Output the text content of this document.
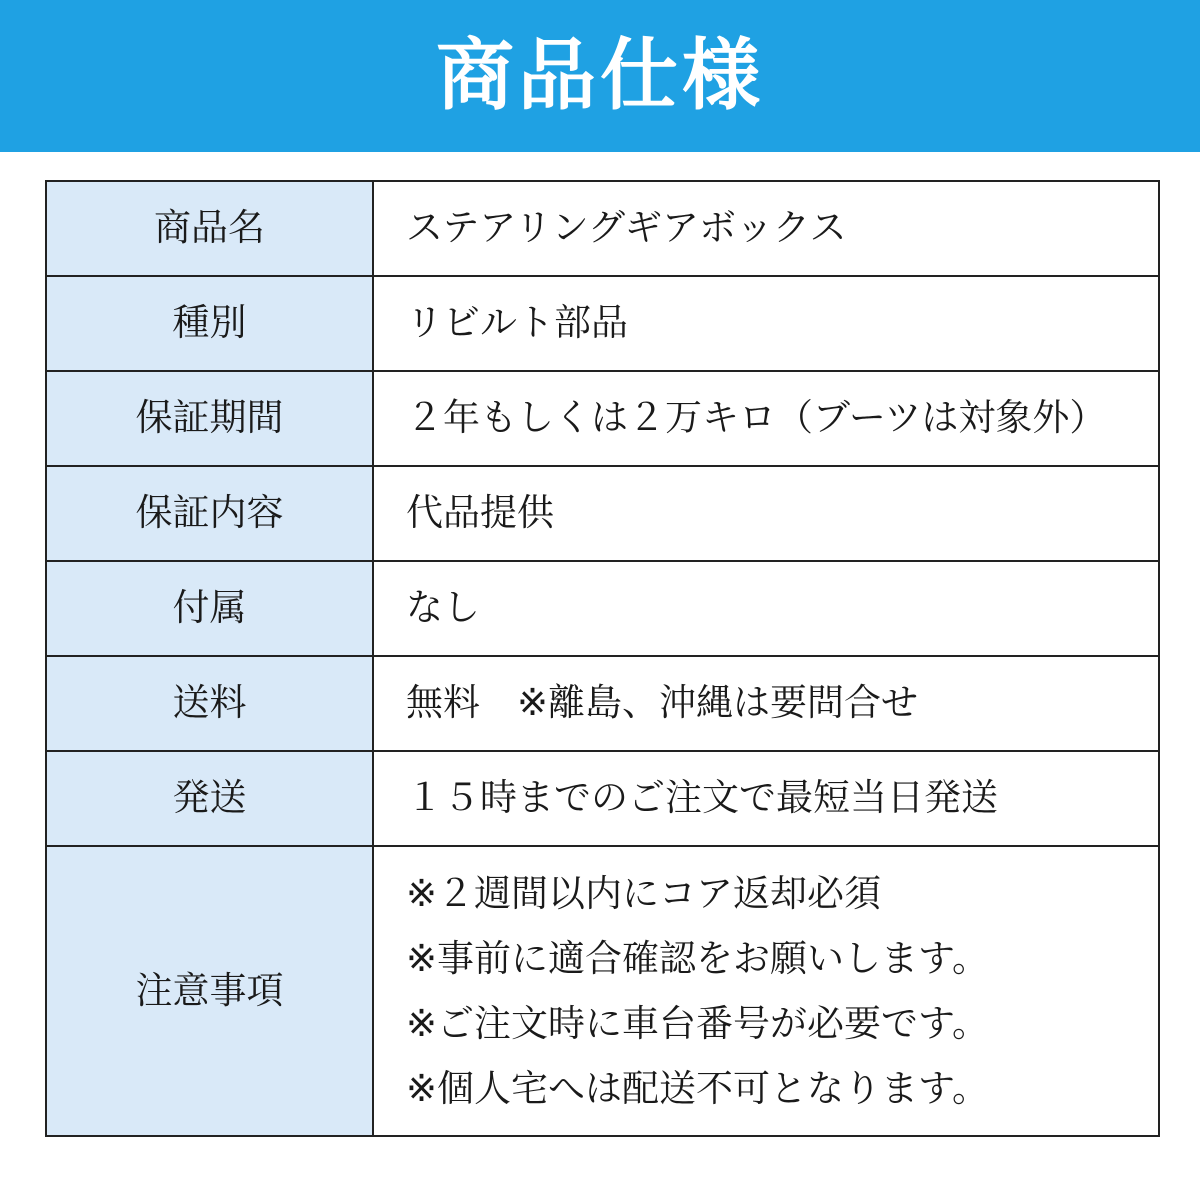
商品仕様
商品名	ステアリングギアボックス
種別	リビルト部品
保証期間	２年もしくは２万キロ（ブーツは対象外）
保証内容	代品提供
付属	なし
送料	無料　※離島、沖縄は要問合せ
発送	１５時までのご注文で最短当日発送
注意事項	※２週間以内にコア返却必須
※事前に適合確認をお願いします。
※ご注文時に車台番号が必要です。
※個人宅へは配送不可となります。
